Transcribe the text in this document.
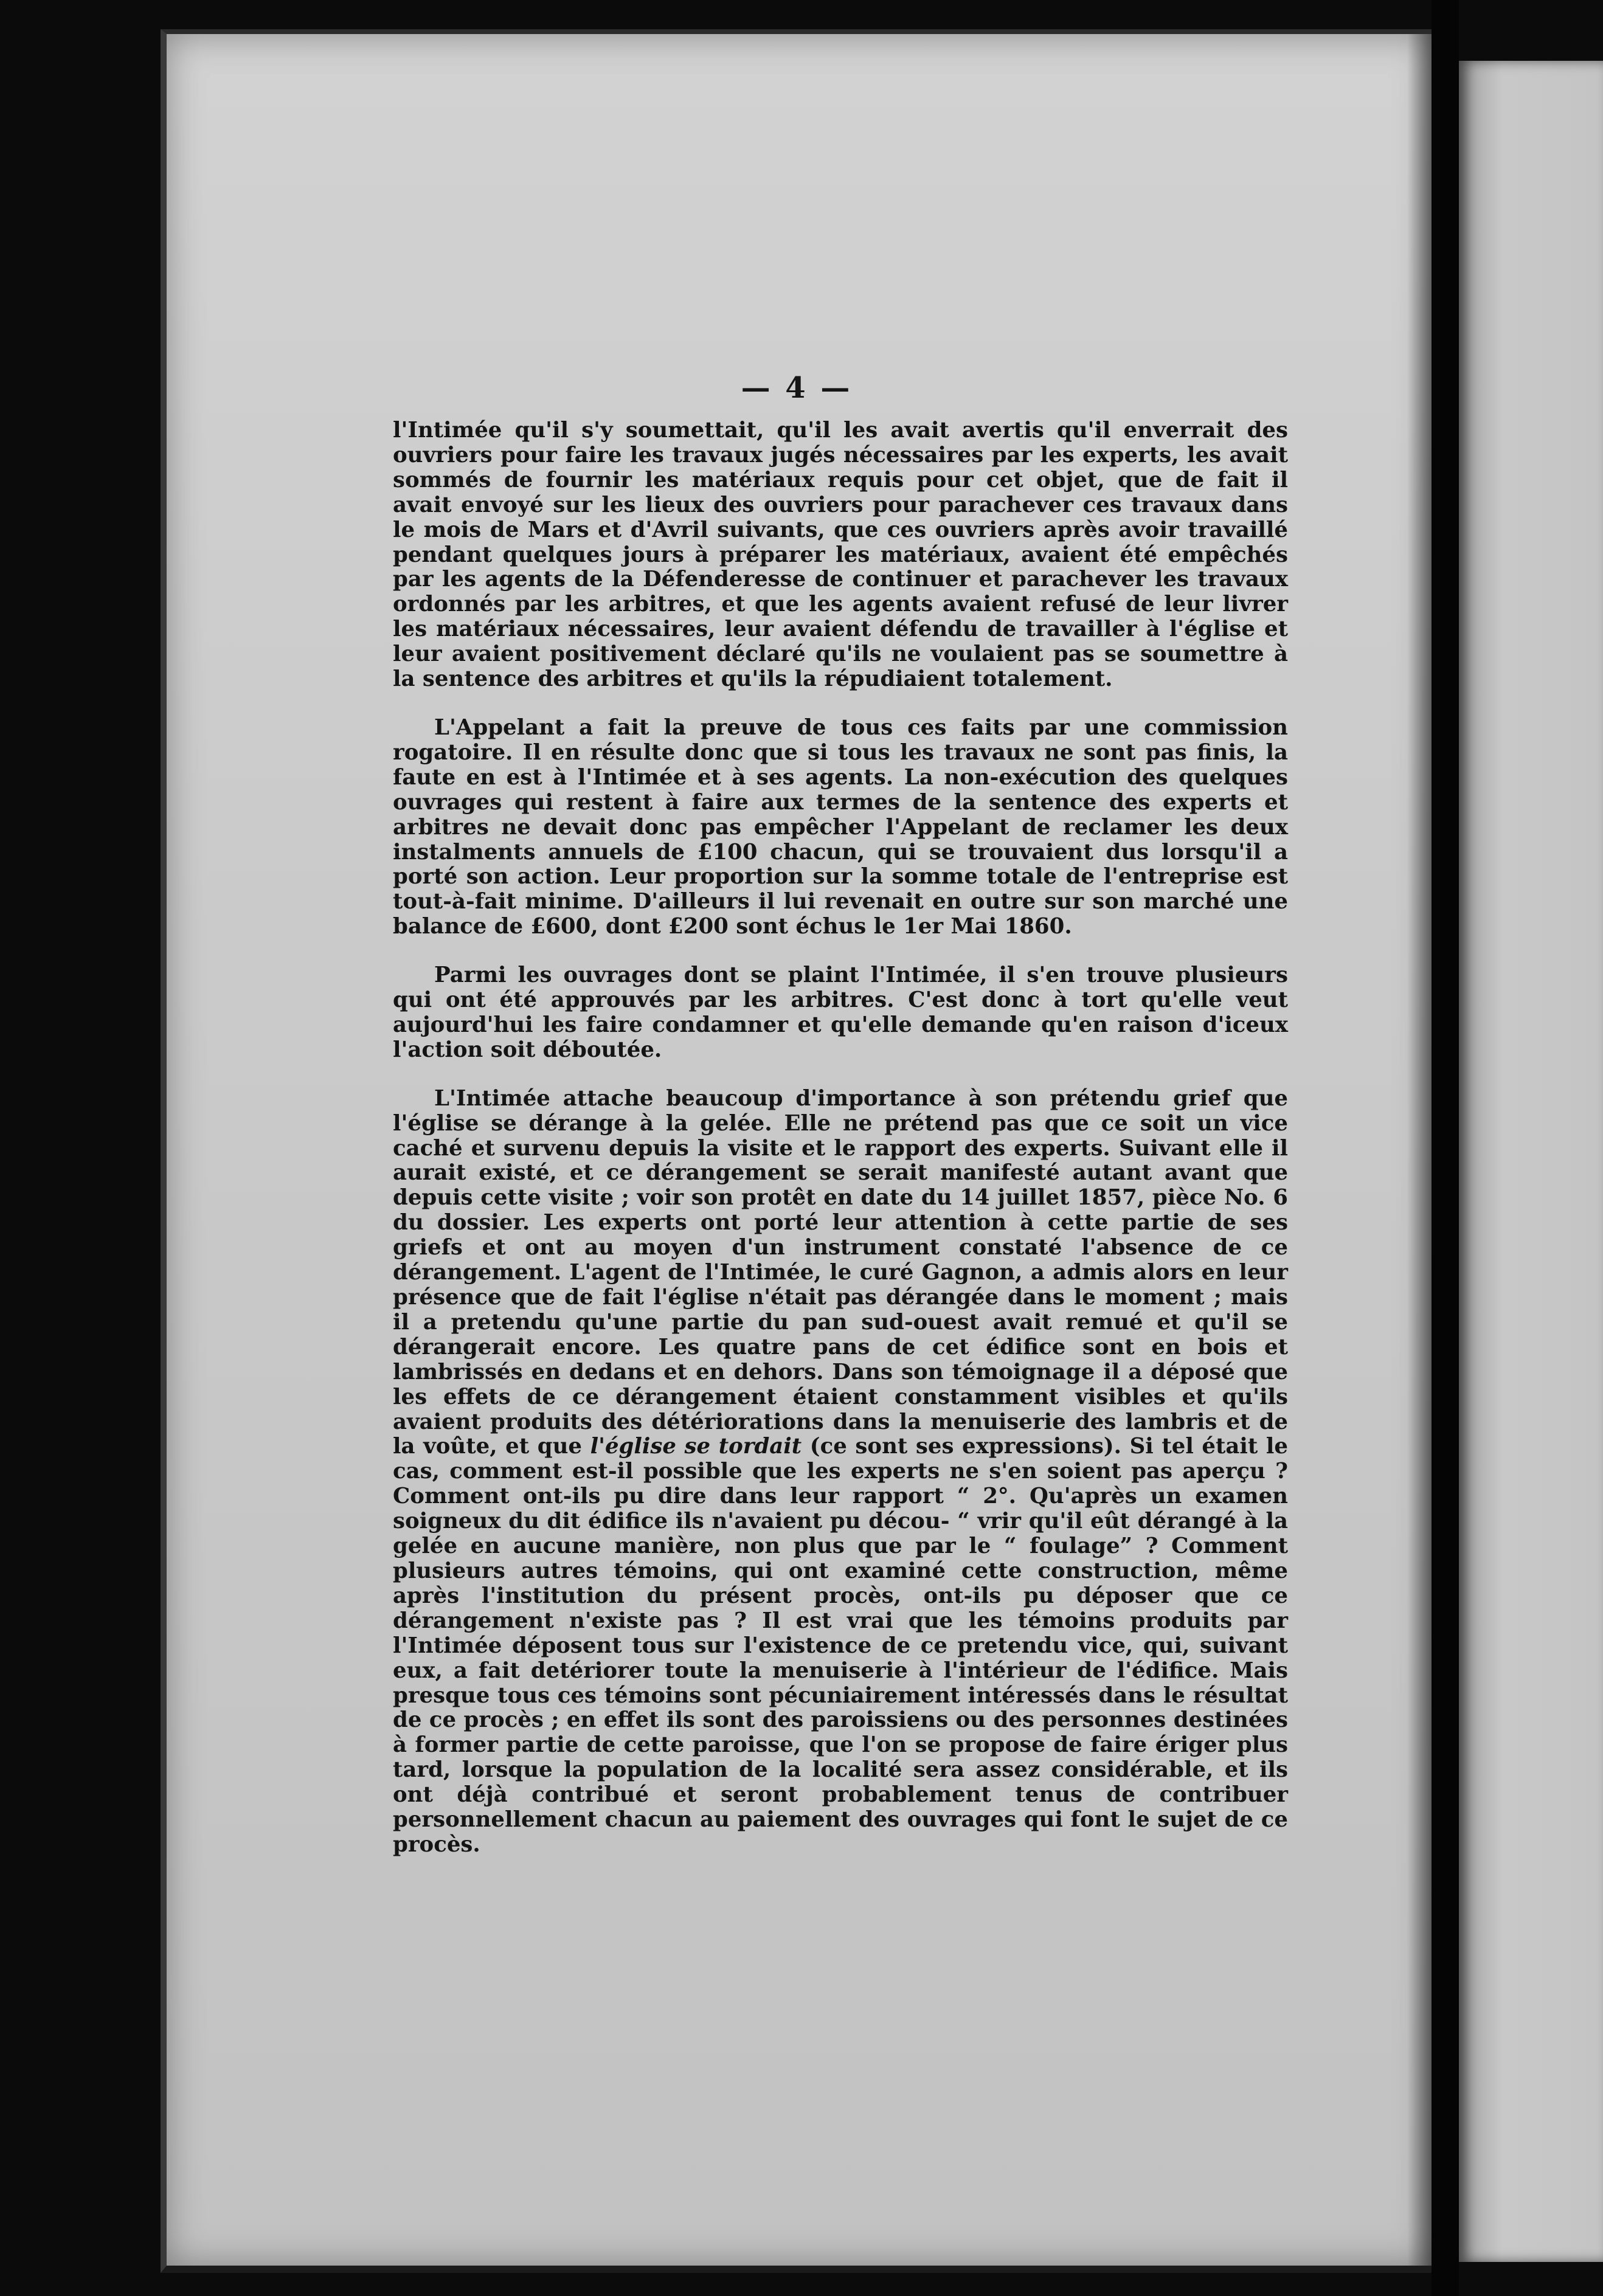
— 4 —

l'Intimée qu'il s'y soumettait, qu'il les avait avertis qu'il enverrait des ouvriers pour faire les travaux jugés nécessaires par les experts, les avait sommés de fournir les matériaux requis pour cet objet, que de fait il avait envoyé sur les lieux des ouvriers pour parachever ces travaux dans le mois de Mars et d'Avril suivants, que ces ouvriers après avoir travaillé pendant quelques jours à préparer les matériaux, avaient été empêchés par les agents de la Défenderesse de continuer et parachever les travaux ordonnés par les arbitres, et que les agents avaient refusé de leur livrer les matériaux nécessaires, leur avaient défendu de travailler à l'église et leur avaient positivement déclaré qu'ils ne voulaient pas se soumettre à la sentence des arbitres et qu'ils la répudiaient totalement.

L'Appelant a fait la preuve de tous ces faits par une commission rogatoire. Il en résulte donc que si tous les travaux ne sont pas finis, la faute en est à l'Intimée et à ses agents. La non-exécution des quelques ouvrages qui restent à faire aux termes de la sentence des experts et arbitres ne devait donc pas empêcher l'Appelant de reclamer les deux instalments annuels de £100 chacun, qui se trouvaient dus lorsqu'il a porté son action. Leur proportion sur la somme totale de l'entreprise est tout-à-fait minime. D'ailleurs il lui revenait en outre sur son marché une balance de £600, dont £200 sont échus le 1er Mai 1860.

Parmi les ouvrages dont se plaint l'Intimée, il s'en trouve plusieurs qui ont été approuvés par les arbitres. C'est donc à tort qu'elle veut aujourd'hui les faire condamner et qu'elle demande qu'en raison d'iceux l'action soit déboutée.

L'Intimée attache beaucoup d'importance à son prétendu grief que l'église se dérange à la gelée. Elle ne prétend pas que ce soit un vice caché et survenu depuis la visite et le rapport des experts. Suivant elle il aurait existé, et ce dérangement se serait manifesté autant avant que depuis cette visite ; voir son protêt en date du 14 juillet 1857, pièce No. 6 du dossier. Les experts ont porté leur attention à cette partie de ses griefs et ont au moyen d'un instrument constaté l'absence de ce dérangement. L'agent de l'Intimée, le curé Gagnon, a admis alors en leur présence que de fait l'église n'était pas dérangée dans le moment ; mais il a pretendu qu'une partie du pan sud-ouest avait remué et qu'il se dérangerait encore. Les quatre pans de cet édifice sont en bois et lambrissés en dedans et en dehors. Dans son témoignage il a déposé que les effets de ce dérangement étaient constamment visibles et qu'ils avaient produits des détériorations dans la menuiserie des lambris et de la voûte, et que l'église se tordait (ce sont ses expressions). Si tel était le cas, comment est-il possible que les experts ne s'en soient pas aperçu ? Comment ont-ils pu dire dans leur rapport “ 2°. Qu'après un examen soigneux du dit édifice ils n'avaient pu décou- “ vrir qu'il eût dérangé à la gelée en aucune manière, non plus que par le “ foulage” ? Comment plusieurs autres témoins, qui ont examiné cette construction, même après l'institution du présent procès, ont-ils pu déposer que ce dérangement n'existe pas ? Il est vrai que les témoins produits par l'Intimée déposent tous sur l'existence de ce pretendu vice, qui, suivant eux, a fait detériorer toute la menuiserie à l'intérieur de l'édifice. Mais presque tous ces témoins sont pécuniairement intéressés dans le résultat de ce procès ; en effet ils sont des paroissiens ou des personnes destinées à former partie de cette paroisse, que l'on se propose de faire ériger plus tard, lorsque la population de la localité sera assez considérable, et ils ont déjà contribué et seront probablement tenus de contribuer personnellement chacun au paiement des ouvrages qui font le sujet de ce procès.
